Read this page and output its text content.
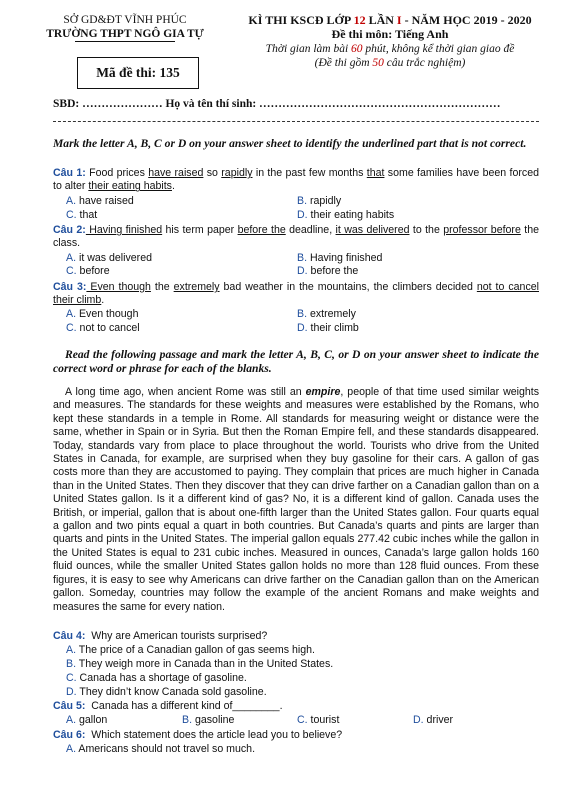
SỞ GD&ĐT VĨNH PHÚC
TRƯỜNG THPT NGÔ GIA TỰ
Mã đề thi: 135
KÌ THI KSCĐ LỚP 12 LẦN I - NĂM HỌC 2019 - 2020
Đề thi môn: Tiếng Anh
Thời gian làm bài 60 phút, không kể thời gian giao đề
(Đề thi gồm 50 câu trắc nghiệm)
SBD: ………………… Họ và tên thí sinh: ………………………………………………………
Mark the letter A, B, C or D on your answer sheet to identify the underlined part that is not correct.
Câu 1: Food prices have raised so rapidly in the past few months that some families have been forced to alter their eating habits.
A. have raised	B. rapidly
C. that	D. their eating habits
Câu 2: Having finished his term paper before the deadline, it was delivered to the professor before the class.
A. it was delivered	B. Having finished
C. before	D. before the
Câu 3: Even though the extremely bad weather in the mountains, the climbers decided not to cancel their climb.
A. Even though	B. extremely
C. not to cancel	D. their climb
Read the following passage and mark the letter A, B, C, or D on your answer sheet to indicate the correct word or phrase for each of the blanks.
A long time ago, when ancient Rome was still an empire, people of that time used similar weights and measures. The standards for these weights and measures were established by the Romans, who kept these standards in a temple in Rome. All standards for measuring weight or distance were the same, whether in Spain or in Syria. But then the Roman Empire fell, and these standards disappeared. Today, standards vary from place to place throughout the world. Tourists who drive from the United States in Canada, for example, are surprised when they buy gasoline for their cars. A gallon of gas costs more than they are accustomed to paying. They complain that prices are much higher in Canada than in the United States. Then they discover that they can drive farther on a Canadian gallon than on a United States gallon. Is it a different kind of gas? No, it is a different kind of gallon. Canada uses the British, or imperial, gallon that is about one-fifth larger than the United States gallon. Four quarts equal a gallon and two pints equal a quart in both countries. But Canada’s quarts and pints are larger than quarts and pints in the United States. The imperial gallon equals 277.42 cubic inches while the gallon in the United States is equal to 231 cubic inches. Measured in ounces, Canada’s large gallon holds 160 fluid ounces, while the smaller United States gallon holds no more than 128 fluid ounces. From these figures, it is easy to see why Americans can drive farther on the Canadian gallon than on the American gallon. Someday, countries may follow the example of the ancient Romans and make weights and measures the same for every nation.
Câu 4:  Why are American tourists surprised?
A. The price of a Canadian gallon of gas seems high.
B. They weigh more in Canada than in the United States.
C. Canada has a shortage of gasoline.
D. They didn’t know Canada sold gasoline.
Câu 5:  Canada has a different kind of________.
A. gallon	B. gasoline	C. tourist	D. driver
Câu 6:  Which statement does the article lead you to believe?
A. Americans should not travel so much.
